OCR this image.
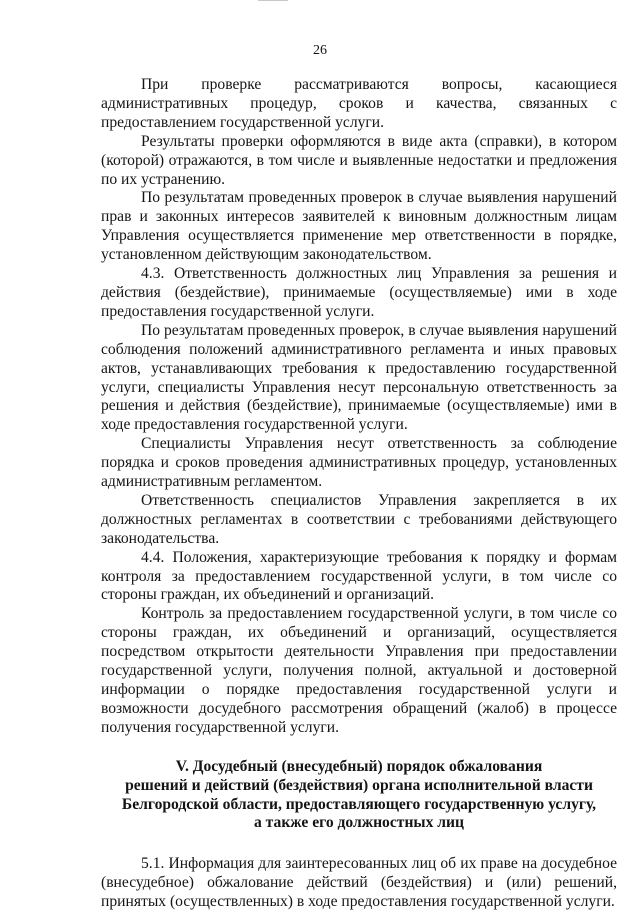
26

При проверке рассматриваются вопросы, касающиеся административных процедур, сроков и качества, связанных с предоставлением государственной услуги.

Результаты проверки оформляются в виде акта (справки), в котором (которой) отражаются, в том числе и выявленные недостатки и предложения по их устранению.

По результатам проведенных проверок в случае выявления нарушений прав и законных интересов заявителей к виновным должностным лицам Управления осуществляется применение мер ответственности в порядке, установленном действующим законодательством.

4.3. Ответственность должностных лиц Управления за решения и действия (бездействие), принимаемые (осуществляемые) ими в ходе предоставления государственной услуги.

По результатам проведенных проверок, в случае выявления нарушений соблюдения положений административного регламента и иных правовых актов, устанавливающих требования к предоставлению государственной услуги, специалисты Управления несут персональную ответственность за решения и действия (бездействие), принимаемые (осуществляемые) ими в ходе предоставления государственной услуги.

Специалисты Управления несут ответственность за соблюдение порядка и сроков проведения административных процедур, установленных административным регламентом.

Ответственность специалистов Управления закрепляется в их должностных регламентах в соответствии с требованиями действующего законодательства.

4.4. Положения, характеризующие требования к порядку и формам контроля за предоставлением государственной услуги, в том числе со стороны граждан, их объединений и организаций.

Контроль за предоставлением государственной услуги, в том числе со стороны граждан, их объединений и организаций, осуществляется посредством открытости деятельности Управления при предоставлении государственной услуги, получения полной, актуальной и достоверной информации о порядке предоставления государственной услуги и возможности досудебного рассмотрения обращений (жалоб) в процессе получения государственной услуги.

V. Досудебный (внесудебный) порядок обжалования
решений и действий (бездействия) органа исполнительной власти
Белгородской области, предоставляющего государственную услугу,
а также его должностных лиц

5.1. Информация для заинтересованных лиц об их праве на досудебное (внесудебное) обжалование действий (бездействия) и (или) решений, принятых (осуществленных) в ходе предоставления государственной услуги.
